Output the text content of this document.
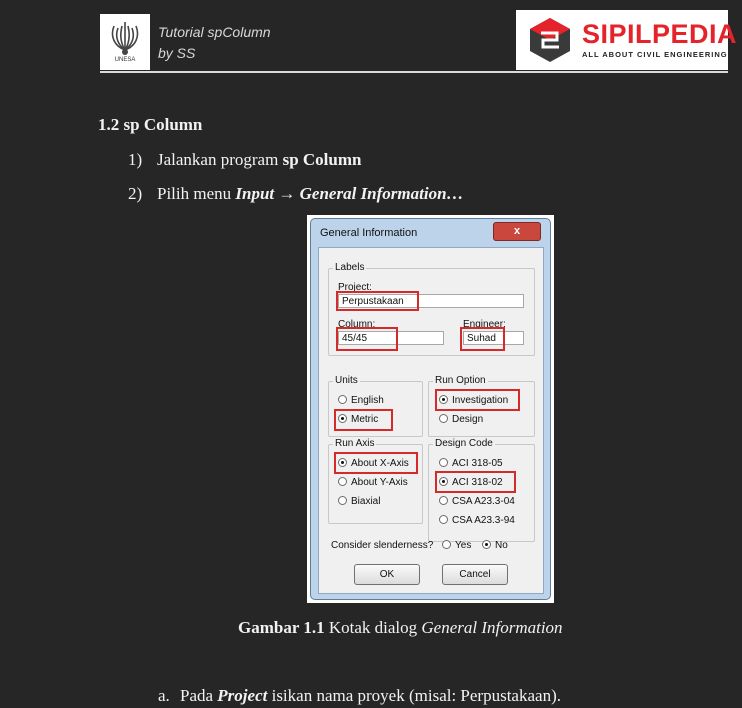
UNESA
Tutorial spColumn
by SS
SIPILPEDIA
ALL ABOUT CIVIL ENGINEERING
1.2 sp Column
1) Jalankan program sp Column
2) Pilih menu Input → General Information…
General Information	x
Labels
Project:
Perpustakaan
Column:
45/45
Engineer:
Suhad
Units
English
Metric
Run Option
Investigation
Design
Run Axis
About X-Axis
About Y-Axis
Biaxial
Design Code
ACI 318-05
ACI 318-02
CSA A23.3-04
CSA A23.3-94
Consider slenderness?	Yes	No
OK	Cancel
Gambar 1.1 Kotak dialog General Information
a. Pada Project isikan nama proyek (misal: Perpustakaan).
